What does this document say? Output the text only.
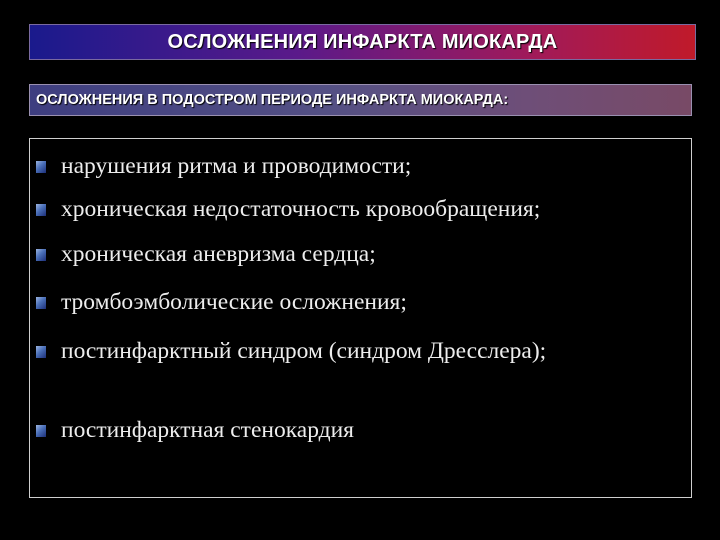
ОСЛОЖНЕНИЯ ИНФАРКТА МИОКАРДА
ОСЛОЖНЕНИЯ В ПОДОСТРОМ ПЕРИОДЕ ИНФАРКТА МИОКАРДА:
нарушения ритма и проводимости;
хроническая недостаточность кровообращения;
хроническая аневризма сердца;
тромбоэмболические осложнения;
постинфарктный синдром (синдром Дресслера);
постинфарктная стенокардия
